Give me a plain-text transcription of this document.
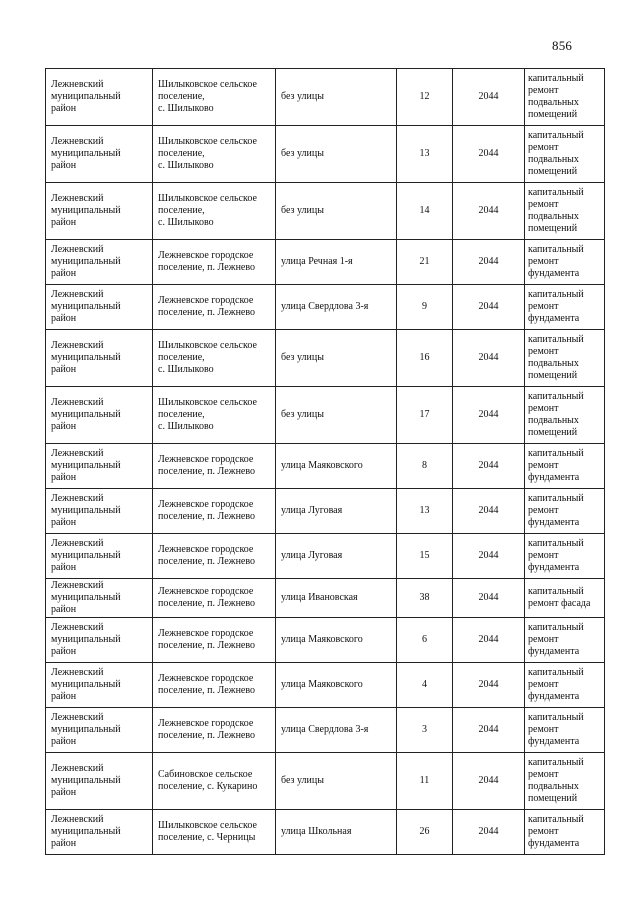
856
Лежневский
муниципальный
район	Шилыковское сельское
поселение,
с. Шилыково	без улицы	12	2044	капитальный
ремонт
подвальных
помещений
Лежневский
муниципальный
район	Шилыковское сельское
поселение,
с. Шилыково	без улицы	13	2044	капитальный
ремонт
подвальных
помещений
Лежневский
муниципальный
район	Шилыковское сельское
поселение,
с. Шилыково	без улицы	14	2044	капитальный
ремонт
подвальных
помещений
Лежневский
муниципальный
район	Лежневское городское
поселение, п. Лежнево	улица Речная 1-я	21	2044	капитальный
ремонт
фундамента
Лежневский
муниципальный
район	Лежневское городское
поселение, п. Лежнево	улица Свердлова 3-я	9	2044	капитальный
ремонт
фундамента
Лежневский
муниципальный
район	Шилыковское сельское
поселение,
с. Шилыково	без улицы	16	2044	капитальный
ремонт
подвальных
помещений
Лежневский
муниципальный
район	Шилыковское сельское
поселение,
с. Шилыково	без улицы	17	2044	капитальный
ремонт
подвальных
помещений
Лежневский
муниципальный
район	Лежневское городское
поселение, п. Лежнево	улица Маяковского	8	2044	капитальный
ремонт
фундамента
Лежневский
муниципальный
район	Лежневское городское
поселение, п. Лежнево	улица Луговая	13	2044	капитальный
ремонт
фундамента
Лежневский
муниципальный
район	Лежневское городское
поселение, п. Лежнево	улица Луговая	15	2044	капитальный
ремонт
фундамента
Лежневский
муниципальный
район	Лежневское городское
поселение, п. Лежнево	улица Ивановская	38	2044	капитальный
ремонт фасада
Лежневский
муниципальный
район	Лежневское городское
поселение, п. Лежнево	улица Маяковского	6	2044	капитальный
ремонт
фундамента
Лежневский
муниципальный
район	Лежневское городское
поселение, п. Лежнево	улица Маяковского	4	2044	капитальный
ремонт
фундамента
Лежневский
муниципальный
район	Лежневское городское
поселение, п. Лежнево	улица Свердлова 3-я	3	2044	капитальный
ремонт
фундамента
Лежневский
муниципальный
район	Сабиновское сельское
поселение, с. Кукарино	без улицы	11	2044	капитальный
ремонт
подвальных
помещений
Лежневский
муниципальный
район	Шилыковское сельское
поселение, с. Черницы	улица Школьная	26	2044	капитальный
ремонт
фундамента
